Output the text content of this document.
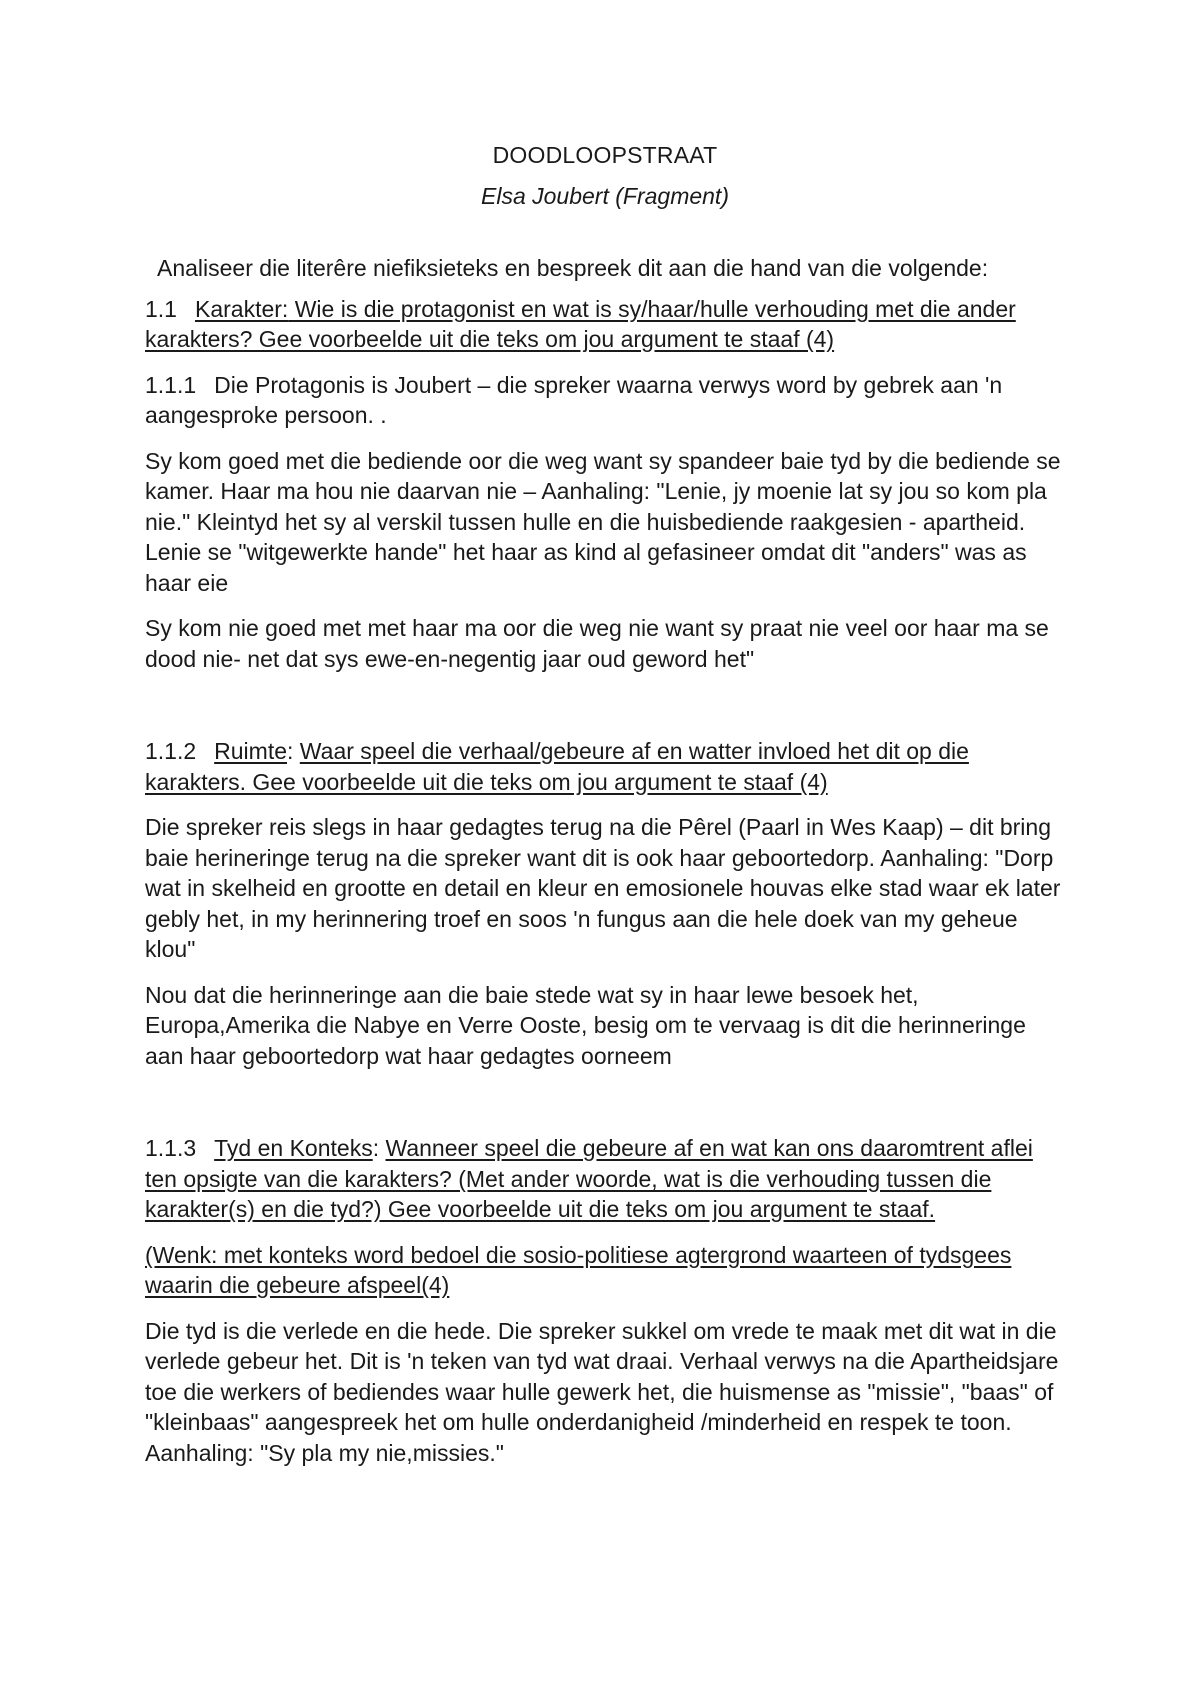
DOODLOOPSTRAAT
Elsa Joubert (Fragment)

Analiseer die literêre niefiksieteks en bespreek dit aan die hand van die volgende:

1.1 Karakter: Wie is die protagonist en wat is sy/haar/hulle verhouding met die ander karakters? Gee voorbeelde uit die teks om jou argument te staaf (4)

1.1.1 Die Protagonis is Joubert – die spreker waarna verwys word by gebrek aan 'n aangesproke persoon. .

Sy kom goed met die bediende oor die weg want sy spandeer baie tyd by die bediende se kamer. Haar ma hou nie daarvan nie – Aanhaling: "Lenie, jy moenie lat sy jou so kom pla nie." Kleintyd het sy al verskil tussen hulle en die huisbediende raakgesien - apartheid. Lenie se "witgewerkte hande" het haar as kind al gefasineer omdat dit "anders" was as haar eie

Sy kom nie goed met met haar ma oor die weg nie want sy praat nie veel oor haar ma se dood nie- net dat sys ewe-en-negentig jaar oud geword het"

1.1.2 Ruimte: Waar speel die verhaal/gebeure af en watter invloed het dit op die karakters. Gee voorbeelde uit die teks om jou argument te staaf (4)

Die spreker reis slegs in haar gedagtes terug na die Pêrel (Paarl in Wes Kaap) – dit bring baie herineringe terug na die spreker want dit is ook haar geboortedorp. Aanhaling: "Dorp wat in skelheid en grootte en detail en kleur en emosionele houvas elke stad waar ek later gebly het, in my herinnering troef en soos 'n fungus aan die hele doek van my geheue klou"

Nou dat die herinneringe aan die baie stede wat sy in haar lewe besoek het, Europa,Amerika die Nabye en Verre Ooste, besig om te vervaag is dit die herinneringe aan haar geboortedorp wat haar gedagtes oorneem

1.1.3 Tyd en Konteks: Wanneer speel die gebeure af en wat kan ons daaromtrent aflei ten opsigte van die karakters? (Met ander woorde, wat is die verhouding tussen die karakter(s) en die tyd?) Gee voorbeelde uit die teks om jou argument te staaf.

(Wenk: met konteks word bedoel die sosio-politiese agtergrond waarteen of tydsgees waarin die gebeure afspeel(4)

Die tyd is die verlede en die hede. Die spreker sukkel om vrede te maak met dit wat in die verlede gebeur het. Dit is 'n teken van tyd wat draai. Verhaal verwys na die Apartheidsjare toe die werkers of bediendes waar hulle gewerk het, die huismense as "missie", "baas" of "kleinbaas" aangespreek het om hulle onderdanigheid /minderheid en respek te toon. Aanhaling: "Sy pla my nie,missies."
